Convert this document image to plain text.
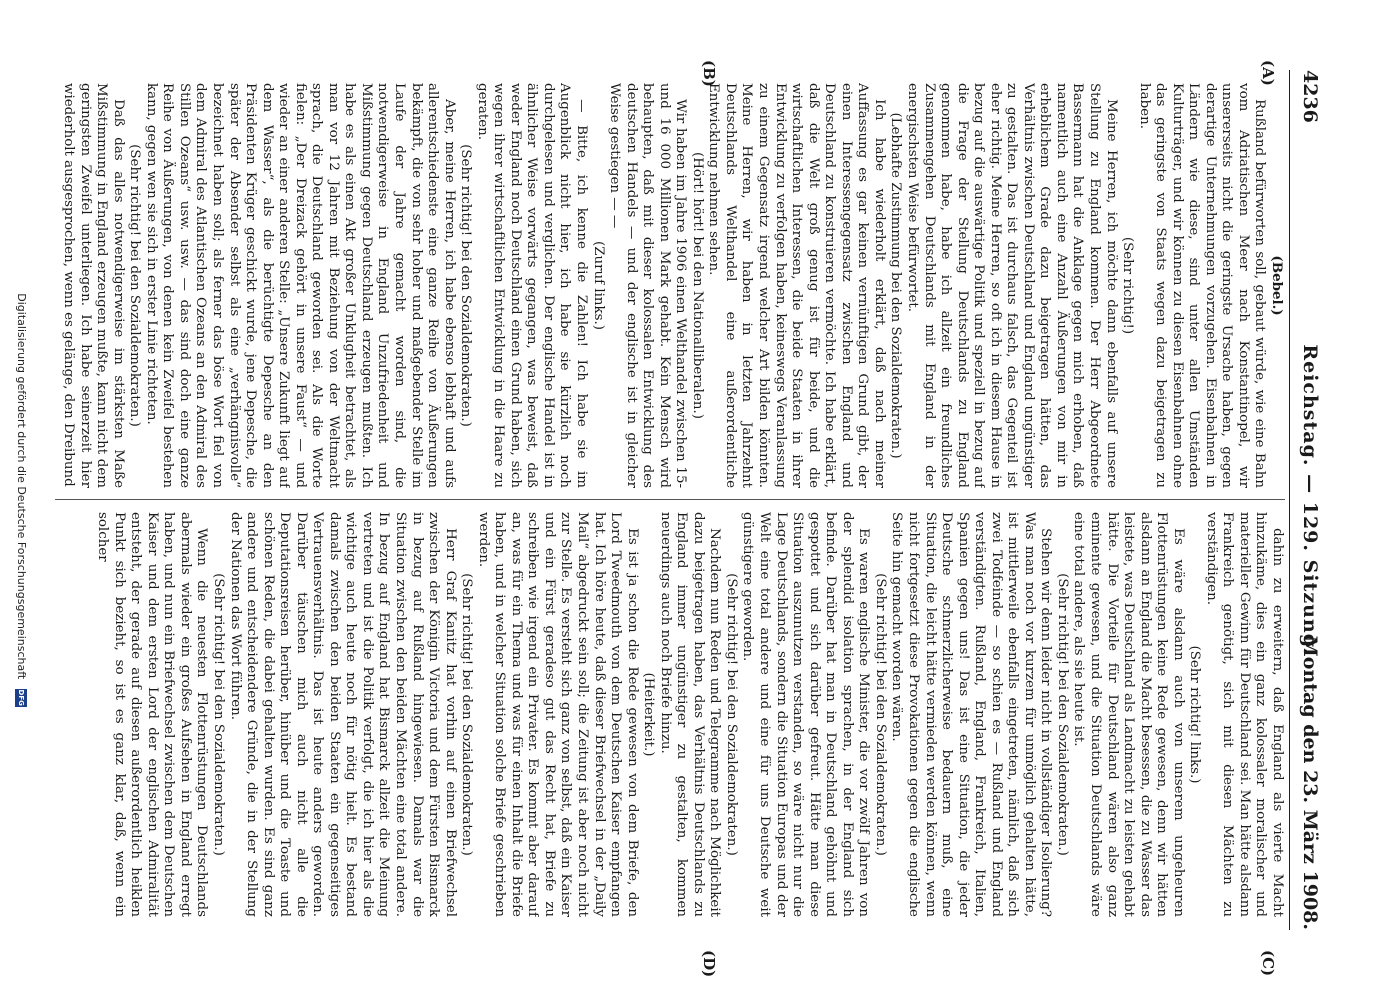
4236
Reichstag. — 129. Sitzung.
Montag den 23. März 1908.
(A)
(B)
(C)
(D)

(Bebel.)

Rußland befürworten soll, gebaut würde, wie eine Bahn vom Adriatischen Meer nach Konstantinopel, wir unsererseits nicht die geringste Ursache haben, gegen derartige Unternehmungen vorzugehen. Eisenbahnen in Ländern wie diese, sind unter allen Umständen Kulturträger, und wir können zu diesen Eisenbahnen ohne das geringste von Staats wegen dazu beigetragen zu haben.

(Sehr richtig!)

Meine Herren, ich möchte dann ebenfalls auf unsere Stellung zu England kommen. Der Herr Abgeordnete Bassermann hat die Anklage gegen mich erhoben, daß namentlich auch eine Anzahl Äußerungen von mir in erheblichem Grade dazu beigetragen hätten, das Verhältnis zwischen Deutschland und England ungünstiger zu gestalten. Das ist durchaus falsch, das Gegenteil ist eher richtig. Meine Herren, so oft ich in diesem Hause in bezug auf die auswärtige Politik und speziell in bezug auf die Frage der Stellung Deutschlands zu England genommen habe, habe ich allzeit ein freundliches Zusammengehen Deutschlands mit England in der energischsten Weise befürwortet.

(Lebhafte Zustimmung bei den Sozialdemokraten.)

Ich habe wiederholt erklärt, daß nach meiner Auffassung es gar keinen vernünftigen Grund gibt, der einen Interessengegensatz zwischen England und Deutschland zu konstruieren vermöchte. Ich habe erklärt, daß die Welt groß genug ist für beide, und die wirtschaftlichen Interessen, die beide Staaten in ihrer Entwicklung zu verfolgen haben, keineswegs Veranlassung zu einem Gegensatz irgend welcher Art bilden könnten. Meine Herren, wir haben in letzten Jahrzehnt Deutschlands Welthandel eine außerordentliche Entwicklung nehmen sehen.

(Hört! hört! bei den Nationalliberalen.)

Wir haben im Jahre 1906 einen Welthandel zwischen 15- und 16 000 Millionen Mark gehabt. Kein Mensch wird behaupten, daß mit dieser kolossalen Entwicklung des deutschen Handels — und der englische ist in gleicher Weise gestiegen — —

(Zuruf links.)

— Bitte, ich kenne die Zahlen! Ich habe sie im Augenblick nicht hier, ich habe sie kürzlich noch durchgelesen und verglichen. Der englische Handel ist in ähnlicher Weise vorwärts gegangen, was beweist, daß weder England noch Deutschland einen Grund haben, sich wegen ihrer wirtschaftlichen Entwicklung in die Haare zu geraten.

(Sehr richtig! bei den Sozialdemokraten.)

Aber, meine Herren, ich habe ebenso lebhaft und aufs allerentschiedenste eine ganze Reihe von Äußerungen bekämpft, die von sehr hoher und maßgebender Stelle im Laufe der Jahre gemacht worden sind, die notwendigerweise in England Unzufriedenheit und Mißstimmung gegen Deutschland erzeugen mußten. Ich habe es als einen Akt großer Unklugheit betrachtet, als man vor 12 Jahren mit Beziehung von der Weltmacht sprach, die Deutschland geworden sei. Als die Worte fielen: „Der Dreizack gehört in unsere Faust“ — und wieder an einer anderen Stelle: „Unsere Zukunft liegt auf dem Wasser“, als die berüchtigte Depesche an den Präsidenten Krüger geschickt wurde, jene Depesche, die später der Absender selbst als eine „verhängnisvolle“ bezeichnet haben soll; als ferner das böse Wort fiel von dem Admiral des Atlantischen Ozeans an den Admiral des Stillen Ozeans“ usw. usw. — das sind doch eine ganze Reihe von Äußerungen, von denen kein Zweifel bestehen kann, gegen wen sie sich in erster Linie richteten.

(Sehr richtig! bei den Sozialdemokraten.)

Daß das alles notwendigerweise im stärksten Maße Mißstimmung in England erzeugen mußte, kann nicht dem geringsten Zweifel unterliegen. Ich habe seinerzeit hier wiederholt ausgesprochen, wenn es gelänge, den Dreibund

dahin zu erweitern, daß England als vierte Macht hinzukäme, dies ein ganz kolossaler moralischer und materieller Gewinn für Deutschland sei. Man hätte alsdann Frankreich genötigt, sich mit diesen Mächten zu verständigen.

(Sehr richtig! links.)

Es wäre alsdann auch von unserem ungeheuren Flottenrüstungen keine Rede gewesen, denn wir hätten alsdann an England die Macht besessen, die zu Wasser das leistete, was Deutschland als Landmacht zu leisten gehabt hätte. Die Vorteile für Deutschland wären also ganz eminente gewesen, und die Situation Deutschlands wäre eine total andere, als sie heute ist.

(Sehr richtig! bei den Sozialdemokraten.)

Stehen wir denn leider nicht in vollständiger Isolierung? Was man noch vor kurzem für unmöglich gehalten hätte, ist mittlerweile ebenfalls eingetreten, nämlich, daß sich zwei Todfeinde — so schien es — Rußland und England verständigten. Rußland, England, Frankreich, Italien, Spanien gegen uns! Das ist eine Situation, die jeder Deutsche schmerzlicherweise bedauern muß, eine Situation, die leicht hätte vermieden werden können, wenn nicht fortgesetzt diese Provokationen gegen die englische Seite hin gemacht worden wären.

(Sehr richtig! bei den Sozialdemokraten.)

Es waren englische Minister, die vor zwölf Jahren von der splendid isolation sprachen, in der England sich befinde. Darüber hat man in Deutschland gehöhnt und gespottet und sich darüber gefreut. Hätte man diese Situation auszunutzen verstanden, so wäre nicht nur die Lage Deutschlands, sondern die Situation Europas und der Welt eine total andere und eine für uns Deutsche weit günstigere geworden.

(Sehr richtig! bei den Sozialdemokraten.)

Nachdem nun Reden und Telegramme nach Möglichkeit dazu beigetragen haben, das Verhältnis Deutschlands zu England immer ungünstiger zu gestalten, kommen neuerdings auch noch Briefe hinzu.

(Heiterkeit.)

Es ist ja schon die Rede gewesen von dem Briefe, den Lord Tweedmouth von dem Deutschen Kaiser empfangen hat. Ich höre heute, daß dieser Briefwechsel in der „Daily Mail“ abgedruckt sein soll; die Zeitung ist aber noch nicht zur Stelle. Es versteht sich ganz von selbst, daß ein Kaiser und ein Fürst geradeso gut das Recht hat, Briefe zu schreiben wie irgend ein Privater. Es kommt aber darauf an, was für ein Thema und was für einen Inhalt die Briefe haben, und in welcher Situation solche Briefe geschrieben werden.

(Sehr richtig! bei den Sozialdemokraten.)

Herr Graf Kanitz hat vorhin auf einen Briefwechsel zwischen der Königin Victoria und dem Fürsten Bismarck in bezug auf Rußland hingewiesen. Damals war die Situation zwischen den beiden Mächten eine total andere. In bezug auf England hat Bismarck allzeit die Meinung vertreten und ist die Politik verfolgt, die ich hier als die wichtige auch heute noch für nötig hielt. Es bestand damals zwischen den beiden Staaten ein gegenseitiges Vertrauensverhältnis. Das ist heute anders geworden. Darüber täuschen mich auch nicht alle die Deputationsreisen herüber, hinüber und die Toaste und schönen Reden, die dabei gehalten wurden. Es sind ganz andere und entscheidendere Gründe, die in der Stellung der Nationen das Wort führen.

(Sehr richtig! bei den Sozialdemokraten.)

Wenn die neuesten Flottenrüstungen Deutschlands abermals wieder ein großes Aufsehen in England erregt haben, und nun ein Briefwechsel zwischen dem Deutschen Kaiser und dem ersten Lord der englischen Admiralität entsteht, der gerade auf diesen außerordentlich heiklen Punkt sich bezieht, so ist es ganz klar, daß, wenn ein solcher

Digitalisierung gefördert durch die Deutsche Forschungsgemeinschaft DFG
